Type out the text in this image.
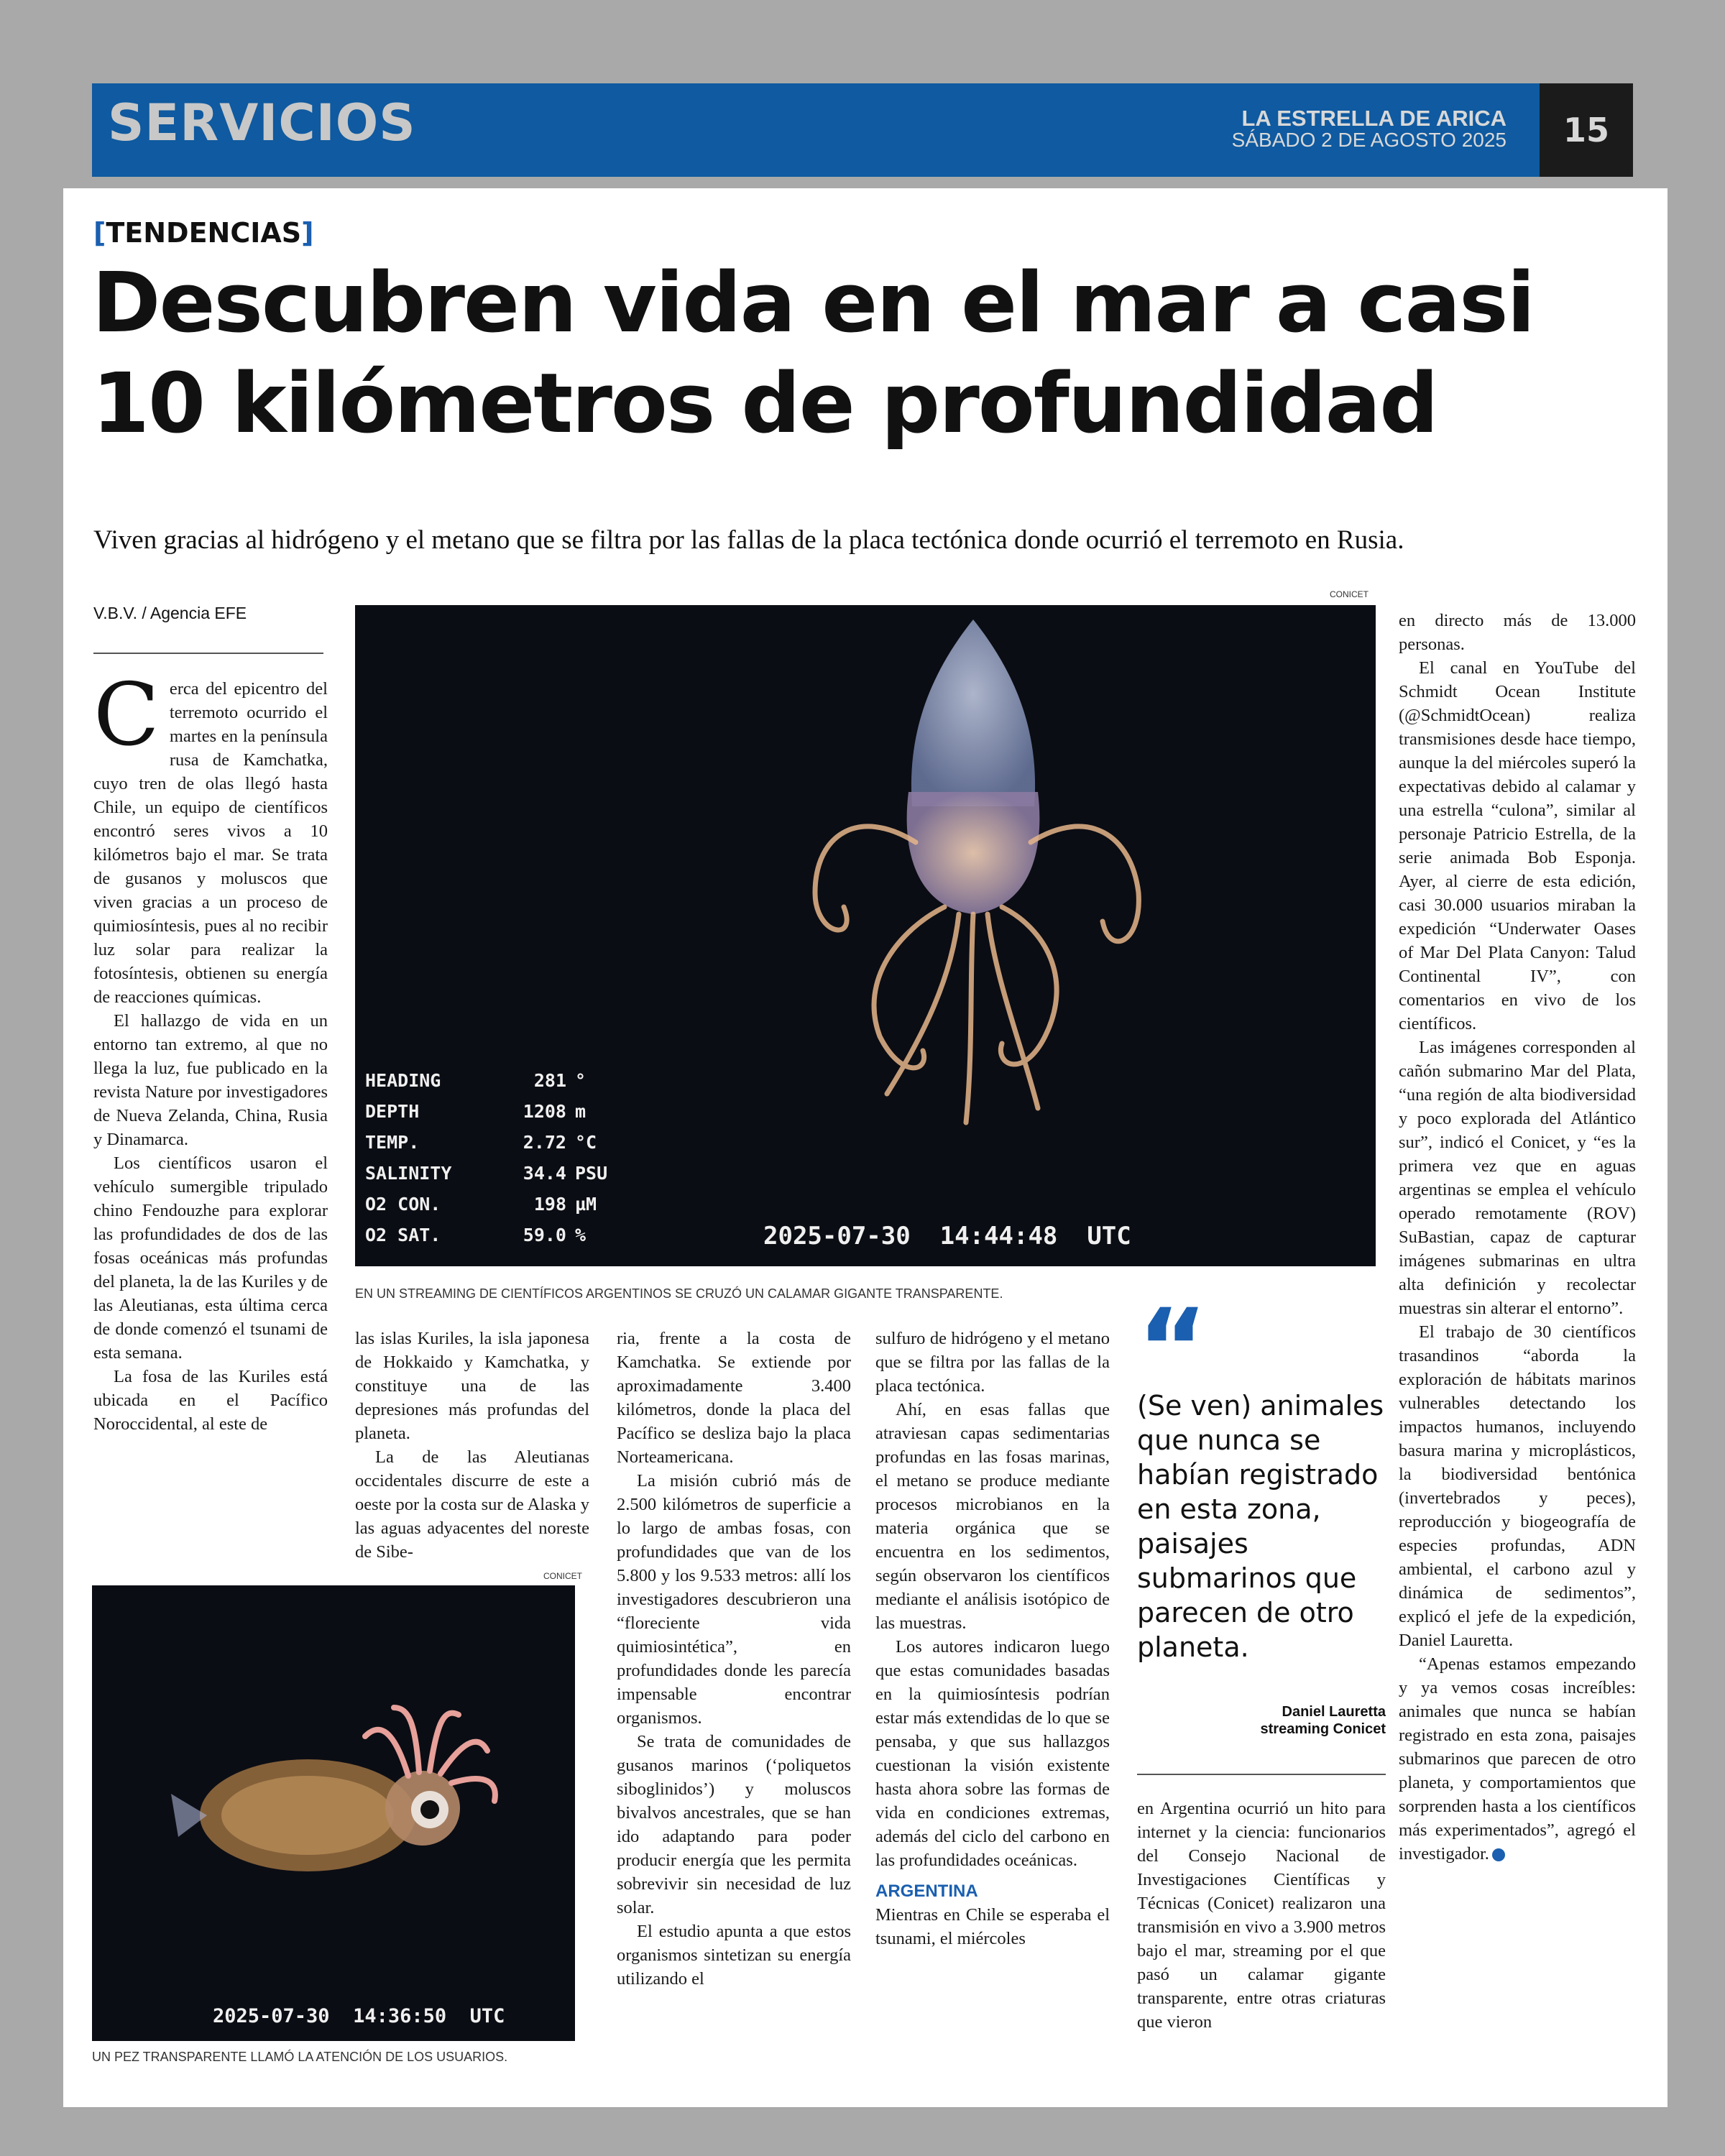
SERVICIOS	LA ESTRELLA DE ARICA
SÁBADO 2 DE AGOSTO 2025	15
[TENDENCIAS]
Descubren vida en el mar a casi
10 kilómetros de profundidad
Viven gracias al hidrógeno y el metano que se filtra por las fallas de la placa tectónica donde ocurrió el terremoto en Rusia.
V.B.V. / Agencia EFE

Cerca del epicentro del terremoto ocurrido el martes en la península rusa de Kamchatka, cuyo tren de olas llegó hasta Chile, un equipo de científicos encontró seres vivos a 10 kilómetros bajo el mar. Se trata de gusanos y moluscos que viven gracias a un proceso de quimiosíntesis, pues al no recibir luz solar para realizar la fotosíntesis, obtienen su energía de reacciones químicas.

El hallazgo de vida en un entorno tan extremo, al que no llega la luz, fue publicado en la revista Nature por investigadores de Nueva Zelanda, China, Rusia y Dinamarca.

Los científicos usaron el vehículo sumergible tripulado chino Fendouzhe para explorar las profundidades de dos de las fosas oceánicas más profundas del planeta, la de las Kuriles y de las Aleutianas, esta última cerca de donde comenzó el tsunami de esta semana.

La fosa de las Kuriles está ubicada en el Pacífico Noroccidental, al este de

CONICET
HEADING	281 °
DEPTH	1208 m
TEMP.	2.72 °C
SALINITY	34.4 PSU
O2 CON.	198 µM
O2 SAT.	59.0 %	2025-07-30  14:44:48  UTC
EN UN STREAMING DE CIENTÍFICOS ARGENTINOS SE CRUZÓ UN CALAMAR GIGANTE TRANSPARENTE.

las islas Kuriles, la isla japonesa de Hokkaido y Kamchatka, y constituye una de las depresiones más profundas del planeta.

La de las Aleutianas occidentales discurre de este a oeste por la costa sur de Alaska y las aguas adyacentes del noreste de Sibe-

ria, frente a la costa de Kamchatka. Se extiende por aproximadamente 3.400 kilómetros, donde la placa del Pacífico se desliza bajo la placa Norteamericana.

La misión cubrió más de 2.500 kilómetros de superficie a lo largo de ambas fosas, con profundidades que van de los 5.800 y los 9.533 metros: allí los investigadores descubrieron una “floreciente vida quimiosintética”, en profundidades donde les parecía impensable encontrar organismos.

Se trata de comunidades de gusanos marinos (‘poliquetos siboglinidos’) y moluscos bivalvos ancestrales, que se han ido adaptando para poder producir energía que les permita sobrevivir sin necesidad de luz solar.

El estudio apunta a que estos organismos sintetizan su energía utilizando el

sulfuro de hidrógeno y el metano que se filtra por las fallas de la placa tectónica.

Ahí, en esas fallas que atraviesan capas sedimentarias profundas en las fosas marinas, el metano se produce mediante procesos microbianos en la materia orgánica que se encuentra en los sedimentos, según observaron los científicos mediante el análisis isotópico de las muestras.

Los autores indicaron luego que estas comunidades basadas en la quimiosíntesis podrían estar más extendidas de lo que se pensaba, y que sus hallazgos cuestionan la visión existente hasta ahora sobre las formas de vida en condiciones extremas, además del ciclo del carbono en las profundidades oceánicas.

ARGENTINA

Mientras en Chile se esperaba el tsunami, el miércoles

CONICET
2025-07-30  14:36:50  UTC
UN PEZ TRANSPARENTE LLAMÓ LA ATENCIÓN DE LOS USUARIOS.
“
(Se ven) animales que nunca se habían registrado en esta zona, paisajes submarinos que parecen de otro planeta.
Daniel Lauretta
streaming Conicet

en Argentina ocurrió un hito para internet y la ciencia: funcionarios del Consejo Nacional de Investigaciones Científicas y Técnicas (Conicet) realizaron una transmisión en vivo a 3.900 metros bajo el mar, streaming por el que pasó un calamar gigante transparente, entre otras criaturas que vieron

en directo más de 13.000 personas.

El canal en YouTube del Schmidt Ocean Institute (@SchmidtOcean) realiza transmisiones desde hace tiempo, aunque la del miércoles superó la expectativas debido al calamar y una estrella “culona”, similar al personaje Patricio Estrella, de la serie animada Bob Esponja. Ayer, al cierre de esta edición, casi 30.000 usuarios miraban la expedición “Underwater Oases of Mar Del Plata Canyon: Talud Continental IV”, con comentarios en vivo de los científicos.

Las imágenes corresponden al cañón submarino Mar del Plata, “una región de alta biodiversidad y poco explorada del Atlántico sur”, indicó el Conicet, y “es la primera vez que en aguas argentinas se emplea el vehículo operado remotamente (ROV) SuBastian, capaz de capturar imágenes submarinas en ultra alta definición y recolectar muestras sin alterar el entorno”.

El trabajo de 30 científicos trasandinos “aborda la exploración de hábitats marinos vulnerables detectando los impactos humanos, incluyendo basura marina y microplásticos, la biodiversidad bentónica (invertebrados y peces), reproducción y biogeografía de especies profundas, ADN ambiental, el carbono azul y dinámica de sedimentos”, explicó el jefe de la expedición, Daniel Lauretta.

“Apenas estamos empezando y ya vemos cosas increíbles: animales que nunca se habían registrado en esta zona, paisajes submarinos que parecen de otro planeta, y comportamientos que sorprenden hasta a los científicos más experimentados”, agregó el investigador.
